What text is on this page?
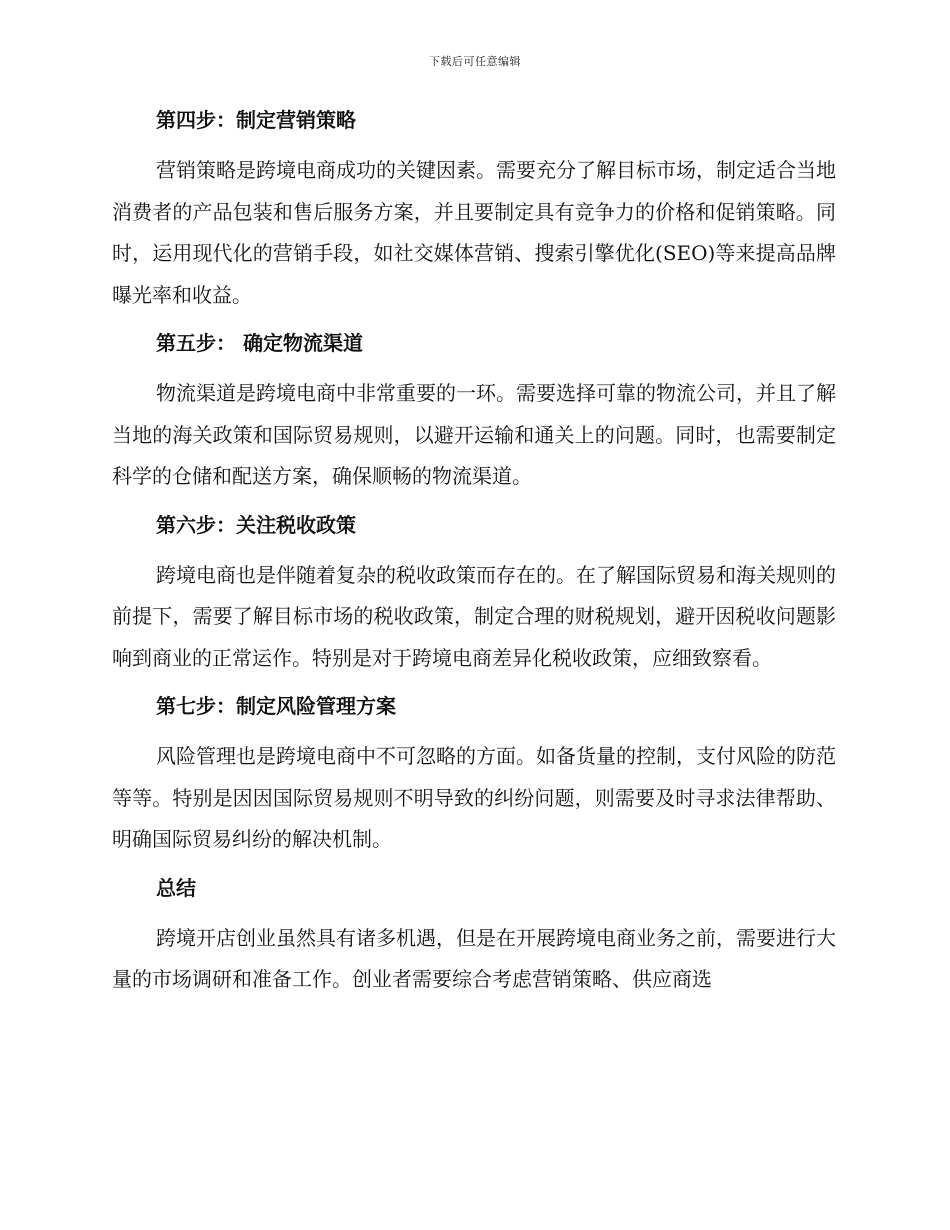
下载后可任意编辑
第四步：制定营销策略
营销策略是跨境电商成功的关键因素。需要充分了解目标市场，制定适合当地消费者的产品包装和售后服务方案，并且要制定具有竞争力的价格和促销策略。同时，运用现代化的营销手段，如社交媒体营销、搜索引擎优化(SEO)等来提高品牌曝光率和收益。
第五步： 确定物流渠道
物流渠道是跨境电商中非常重要的一环。需要选择可靠的物流公司，并且了解当地的海关政策和国际贸易规则，以避开运输和通关上的问题。同时，也需要制定科学的仓储和配送方案，确保顺畅的物流渠道。
第六步：关注税收政策
跨境电商也是伴随着复杂的税收政策而存在的。在了解国际贸易和海关规则的前提下，需要了解目标市场的税收政策，制定合理的财税规划，避开因税收问题影响到商业的正常运作。特别是对于跨境电商差异化税收政策，应细致察看。
第七步：制定风险管理方案
风险管理也是跨境电商中不可忽略的方面。如备货量的控制，支付风险的防范等等。特别是因因国际贸易规则不明导致的纠纷问题，则需要及时寻求法律帮助、明确国际贸易纠纷的解决机制。
总结
跨境开店创业虽然具有诸多机遇，但是在开展跨境电商业务之前，需要进行大量的市场调研和准备工作。创业者需要综合考虑营销策略、供应商选
